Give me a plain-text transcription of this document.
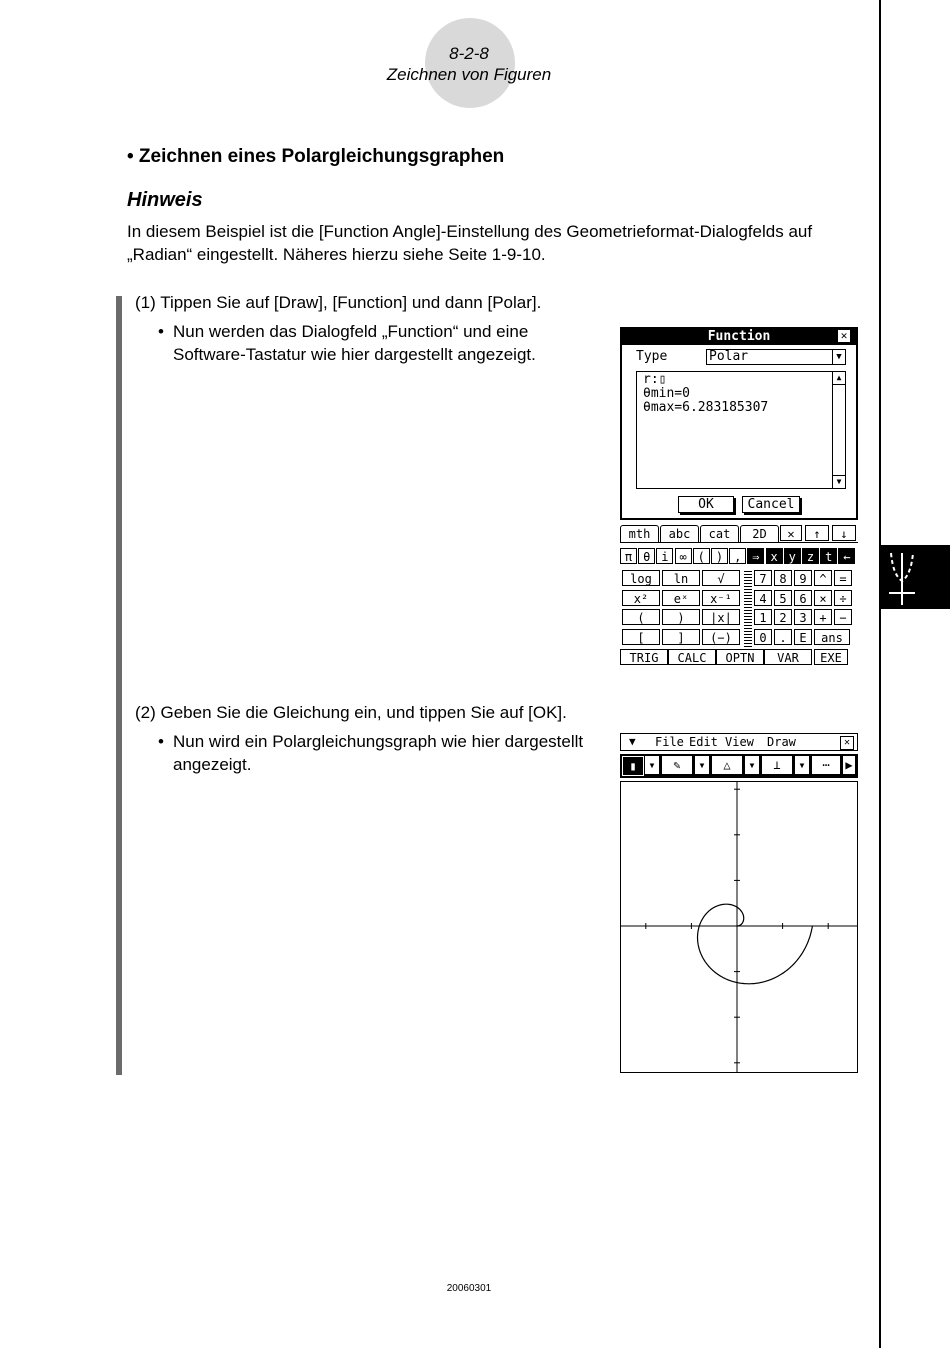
8-2-8
Zeichnen von Figuren
• Zeichnen eines Polargleichungsgraphen
Hinweis
In diesem Beispiel ist die [Function Angle]-Einstellung des Geometrieformat-Dialogfelds auf „Radian“ eingestellt. Näheres hierzu siehe Seite 1-9-10.
(1) Tippen Sie auf [Draw], [Function] und dann [Polar].
• Nun werden das Dialogfeld „Function“ und eine Software-Tastatur wie hier dargestellt angezeigt.
(2) Geben Sie die Gleichung ein, und tippen Sie auf [OK].
• Nun wird ein Polargleichungsgraph wie hier dargestellt angezeigt.
Function	✕
Type	Polar	▼
r:▯
θmin=0
θmax=6.283185307
▲
▼
OK	Cancel
mth	abc	cat	2D	✕	↑	↓
π θ i ∞ ( ) , ⇒ x y z t ←
log	ln	√
x²	eˣ	x⁻¹
(	)	|x|
[	]	(−)
7	8	9	^	=
4	5	6	×	÷
1	2	3	+	−
0	.	E	ans
TRIG	CALC	OPTN	VAR	EXE
▼ File Edit View Draw	✕
▮ ▾	✎	▾	△	▾	⊥	▾	⋯	▶
20060301
